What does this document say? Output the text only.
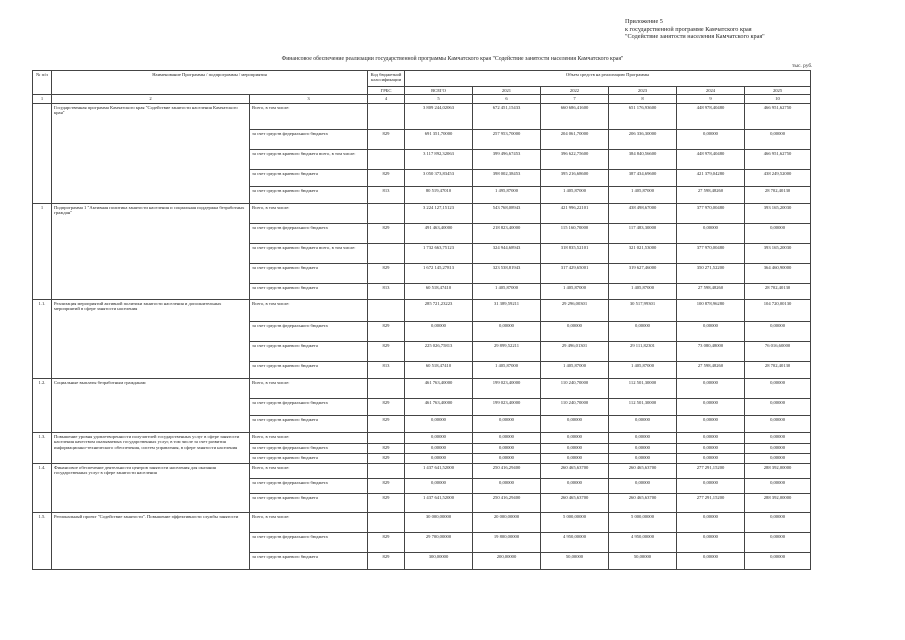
Приложение 5
к государственной программе Камчатского края
"Содействие занятости населения Камчатского края"
Финансовое обеспечение реализации государственной программы Камчатского края "Содействие занятости населения Камчатского края"
тыс. руб.
№ п/п	Наименование Программы / подпрограммы / мероприятия		Код бюджетной классификации	Объем средств на реализацию Программы					
			ГРБС	ВСЕГО	2021	2022	2023	2024	2025
1	2	3	4	5	6	7	8	9	10
	Государственная программа Камчатского края "Содействие занятости населения Камчатского края"	Всего, в том числе:		3 809 244,02063	672 451,15433	660 686,41600	651 176,93600	448 978,40480	466 951,62750
		за счет средств федерального бюджета	829	691 351,70000	257 953,70000	204 061,70000	206 336,30000	0,00000	0,00000
		за счет средств краевого бюджета всего, в том числе:		3 117 892,32063	399 496,67453	396 622,75600	384 840,56600	448 978,40480	466 951,62750
		за счет средств краевого бюджета	829	3 050 373,83453	398 002,38453	395 216,68600	387 434,69600	421 379,04280	438 249,52000
		за счет средств краевого бюджета	813	80 519,47010	1 495,87000	1 405,87000	1 405,87000	27 598,48260	28 702,40130
1	Подпрограмма 1 "Активная политика занятости населения и социальная поддержка безработных граждан"	Всего, в том числе:		3 224 127,15123	543 768,08943	421 996,22101	438 498,67000	377 970,00480	393 165,20030
		за счет средств федерального бюджета	829	491 463,40000	218 823,40000	115 160,70000	117 483,30000	0,00000	0,00000
		за счет средств краевого бюджета всего, в том числе:		1 732 663,75123	324 944,68943	318 835,52101	321 021,53000	377 970,00480	393 165,20030
		за счет средств краевого бюджета	829	1 672 145,27813	323 538,81943	317 429,65001	319 627,46000	350 271,52200	364 460,90000
		за счет средств краевого бюджета	813	60 518,47410	1 405,87000	1 405,87000	1 405,87000	27 598,48260	28 702,40130
1.1.	Реализация мероприятий активной политики занятости населения и дополнительных мероприятий в сфере занятости населения	Всего, в том числе:		285 721,23223	31 389,59211	29 296,00301	30 517,99301	100 878,96280	104 720,00130
		за счет средств федерального бюджета	829	0,00000	0,00000	0,00000	0,00000	0,00000	0,00000
		за счет средств краевого бюджета	829	225 026,75813	29 899,52211	29 496,01301	29 111,82301	73 080,48000	76 016,60000
		за счет средств краевого бюджета	813	60 518,47410	1 405,87000	1 405,87000	1 405,87000	27 598,48260	28 702,40130
1.2.	Социальные выплаты безработным гражданам	Всего, в том числе:		461 763,40000	199 023,40000	110 240,70000	112 501,30000	0,00000	0,00000
		за счет средств федерального бюджета	829	461 763,40000	199 023,40000	110 240,70000	112 501,30000	0,00000	0,00000
		за счет средств краевого бюджета	829	0,00000	0,00000	0,00000	0,00000	0,00000	0,00000
1.3.	Повышение уровня удовлетворенности получателей государственных услуг в сфере занятости населения качеством оказываемых государственных услуг, в том числе за счет развития информационно-технического обеспечения, систем управления, в сфере занятости населения	Всего, в том числе:		0,00000	0,00000	0,00000	0,00000	0,00000	0,00000
		за счет средств федерального бюджета	829	0,00000	0,00000	0,00000	0,00000	0,00000	0,00000
		за счет средств краевого бюджета	829	0,00000	0,00000	0,00000	0,00000	0,00000	0,00000
1.4.	Финансовое обеспечение деятельности центров занятости населения для оказания государственных услуг в сфере занятости населения	Всего, в том числе:		1 437 641,52000	250 416,29400	260 465,63700	260 465,63700	277 291,15200	288 392,00000
		за счет средств федерального бюджета	829	0,00000	0,00000	0,00000	0,00000	0,00000	0,00000
		за счет средств краевого бюджета	829	1 437 641,52000	250 416,29400	260 465,63700	260 465,63700	277 291,15200	288 392,00000
1.5.	Региональный проект "Содействие занятости". Повышение эффективности службы занятости	Всего, в том числе:		30 000,00000	20 000,00000	5 000,00000	5 000,00000	0,00000	0,00000
		за счет средств федерального бюджета	829	29 700,00000	19 800,00000	4 950,00000	4 950,00000	0,00000	0,00000
		за счет средств краевого бюджета	829	300,00000	200,00000	50,00000	50,00000	0,00000	0,00000
